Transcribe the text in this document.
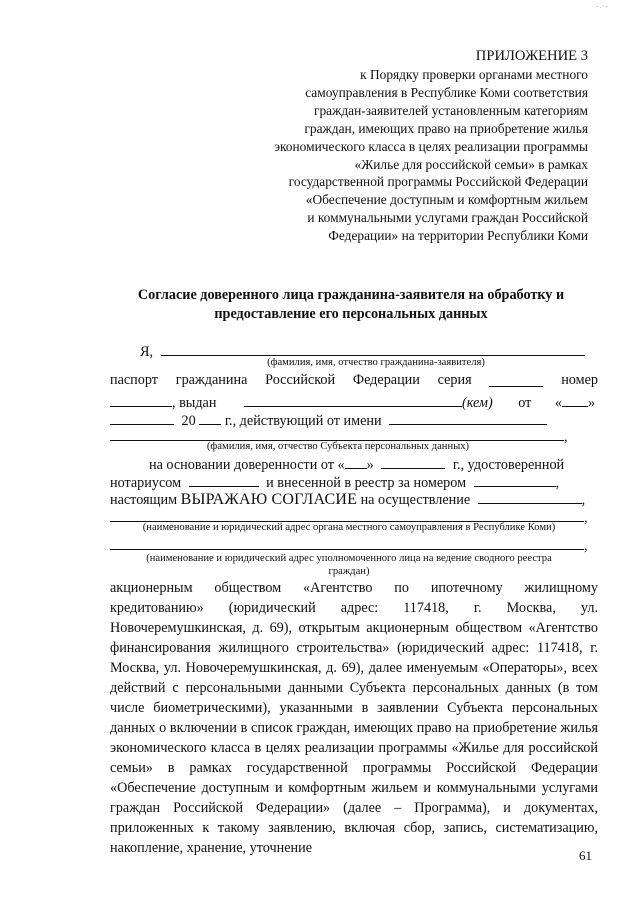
-.·-
ПРИЛОЖЕНИЕ 3
к Порядку проверки органами местного
самоуправления в Республике Коми соответствия
граждан-заявителей установленным категориям
граждан, имеющих право на приобретение жилья
экономического класса в целях реализации программы
«Жилье для российской семьи» в рамках
государственной программы Российской Федерации
«Обеспечение доступным и комфортным жильем
и коммунальными услугами граждан Российской
Федерации» на территории Республики Коми
Согласие доверенного лица гражданина-заявителя на обработку и
предоставление его персональных данных
Я,
(фамилия, имя, отчество гражданина-заявителя)
паспорт гражданина Российской Федерации серия	номер
, выдан	(кем) от « »
20 г., действующий от имени
,
(фамилия, имя, отчество Субъекта персональных данных)
на основании доверенности от « »	г., удостоверенной
нотариусом	и внесенной в реестр за номером	,
настоящим ВЫРАЖАЮ СОГЛАСИЕ на осуществление	,
,
(наименование и юридический адрес органа местного самоуправления в Республике Коми)
,
(наименование и юридический адрес уполномоченного лица на ведение сводного реестра
граждан)
акционерным обществом «Агентство по ипотечному жилищному кредитованию» (юридический адрес: 117418, г. Москва, ул. Новочеремушкинская, д. 69), открытым акционерным обществом «Агентство финансирования жилищного строительства» (юридический адрес: 117418, г. Москва, ул. Новочеремушкинская, д. 69), далее именуемым «Операторы», всех действий с персональными данными Субъекта персональных данных (в том числе биометрическими), указанными в заявлении Субъекта персональных данных о включении в список граждан, имеющих право на приобретение жилья экономического класса в целях реализации программы «Жилье для российской семьи» в рамках государственной программы Российской Федерации «Обеспечение доступным и комфортным жильем и коммунальными услугами граждан Российской Федерации» (далее – Программа), и документах, приложенных к такому заявлению, включая сбор, запись, систематизацию, накопление, хранение, уточнение	61
